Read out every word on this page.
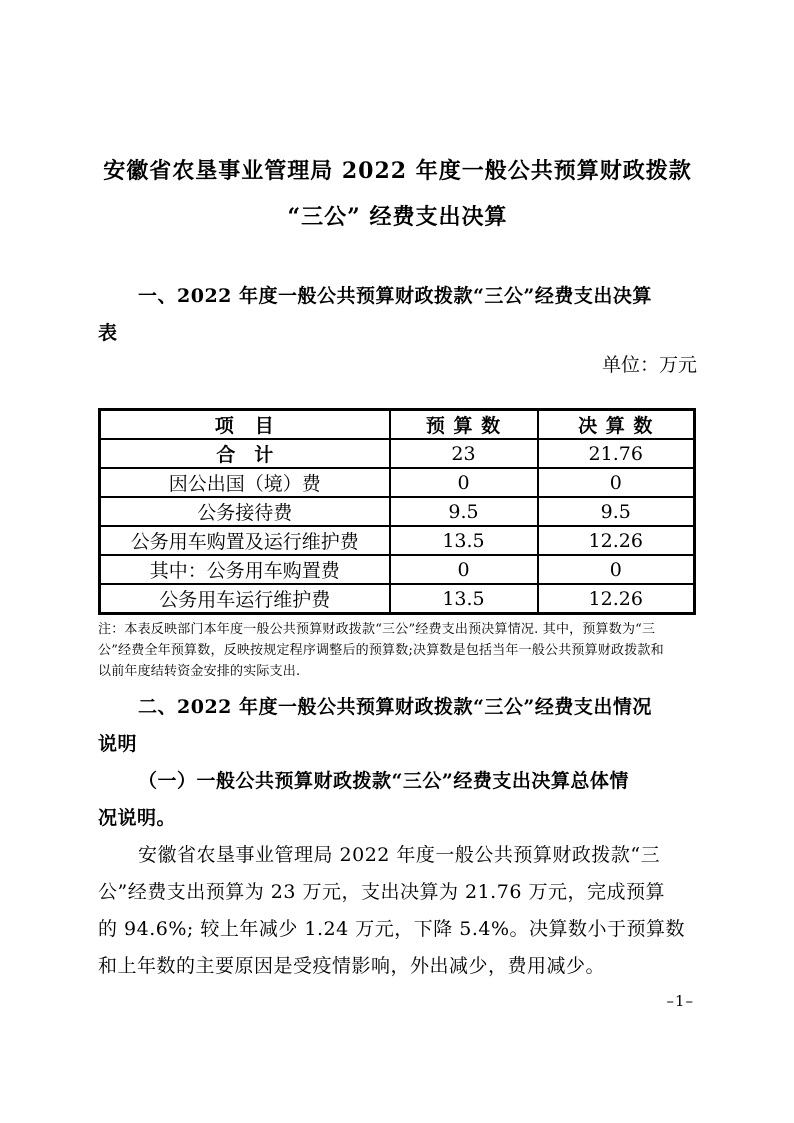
安徽省农垦事业管理局 2022 年度一般公共预算财政拨款
“三公” 经费支出决算
一、2022 年度一般公共预算财政拨款“三公”经费支出决算
表
单位：万元
项　目	预 算 数	决 算 数
合　计	23	21.76
因公出国（境）费	0	0
公务接待费	9.5	9.5
公务用车购置及运行维护费	13.5	12.26
其中：公务用车购置费	0	0
公务用车运行维护费	13.5	12.26
注：本表反映部门本年度一般公共预算财政拨款“三公”经费支出预决算情况. 其中，预算数为“三
公”经费全年预算数，反映按规定程序调整后的预算数;决算数是包括当年一般公共预算财政拨款和
以前年度结转资金安排的实际支出.
二、2022 年度一般公共预算财政拨款“三公”经费支出情况
说明
（一）一般公共预算财政拨款“三公”经费支出决算总体情
况说明。
安徽省农垦事业管理局 2022 年度一般公共预算财政拨款“三
公”经费支出预算为 23 万元，支出决算为 21.76 万元，完成预算
的 94.6%; 较上年减少 1.24 万元，下降 5.4%。决算数小于预算数
和上年数的主要原因是受疫情影响，外出减少，费用减少。
–1–
